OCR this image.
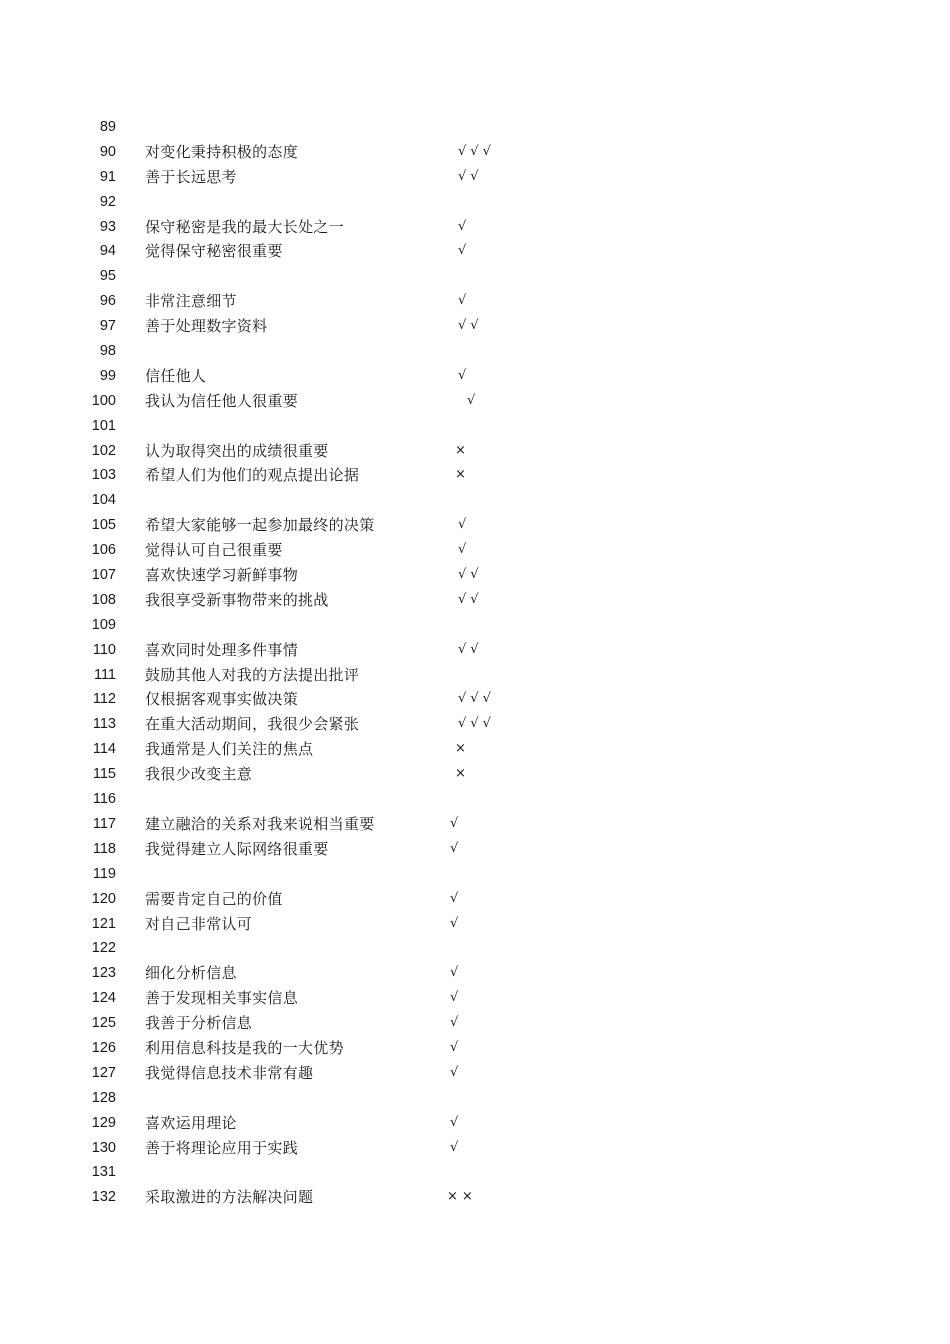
89
90 对变化秉持积极的态度	√√√
91 善于长远思考	√√
92
93 保守秘密是我的最大长处之一	√
94 觉得保守秘密很重要	√
95
96 非常注意细节	√
97 善于处理数字资料	√√
98
99 信任他人	√
100 我认为信任他人很重要	√
101
102 认为取得突出的成绩很重要	×
103 希望人们为他们的观点提出论据	×
104
105 希望大家能够一起参加最终的决策	√
106 觉得认可自己很重要	√
107 喜欢快速学习新鲜事物	√√
108 我很享受新事物带来的挑战	√√
109
110 喜欢同时处理多件事情	√√
111 鼓励其他人对我的方法提出批评
112 仅根据客观事实做决策	√√√
113 在重大活动期间，我很少会紧张	√√√
114 我通常是人们关注的焦点	×
115 我很少改变主意	×
116
117 建立融洽的关系对我来说相当重要	√
118 我觉得建立人际网络很重要	√
119
120 需要肯定自己的价值	√
121 对自己非常认可	√
122
123 细化分析信息	√
124 善于发现相关事实信息	√
125 我善于分析信息	√
126 利用信息科技是我的一大优势	√
127 我觉得信息技术非常有趣	√
128
129 喜欢运用理论	√
130 善于将理论应用于实践	√
131
132 采取激进的方法解决问题	××
